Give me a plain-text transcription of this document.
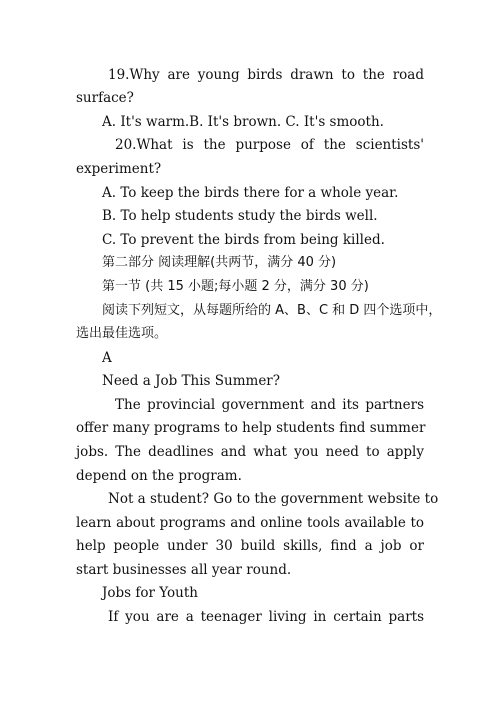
19.Why are young birds drawn to the road
surface?
A. It's warm.B. It's brown. C. It's smooth.
20.What is the purpose of the scientists'
experiment?
A. To keep the birds there for a whole year.
B. To help students study the birds well.
C. To prevent the birds from being killed.
第二部分 阅读理解(共两节，满分 40 分)
第一节 (共 15 小题;每小题 2 分，满分 30 分)
阅读下列短文，从每题所给的 A、B、C 和 D 四个选项中，
选出最佳选项。
A
Need a Job This Summer?
The provincial government and its partners
offer many programs to help students find summer
jobs. The deadlines and what you need to apply
depend on the program.
Not a student? Go to the government website to
learn about programs and online tools available to
help people under 30 build skills, find a job or
start businesses all year round.
Jobs for Youth
If you are a teenager living in certain parts
